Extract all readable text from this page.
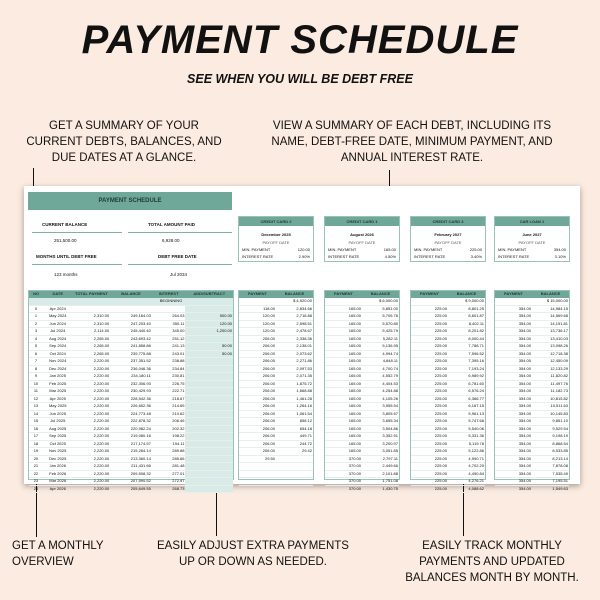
PAYMENT SCHEDULE
SEE WHEN YOU WILL BE DEBT FREE
GET A SUMMARY OF YOUR CURRENT DEBTS, BALANCES, AND DUE DATES AT A GLANCE.
VIEW A SUMMARY OF EACH DEBT, INCLUDING ITS NAME, DEBT-FREE DATE, MINIMUM PAYMENT, AND ANNUAL INTEREST RATE.
GET A MONTHLY OVERVIEW
EASILY ADJUST EXTRA PAYMENTS UP OR DOWN AS NEEDED.
EASILY TRACK MONTHLY PAYMENTS AND UPDATED BALANCES MONTH BY MONTH.
PAYMENT SCHEDULE
CURRENT BALANCE
251,500.00
TOTAL AMOUNT PAID
6,928.00
MONTHS UNTIL DEBT FREE
123 months
DEBT FREE DATE
Jul 2034
CREDIT CARD 2
December 2025
PAYOFF DATE
MIN. PAYMENT	120.00
INTEREST RATE	2.90%
CREDIT CARD 1
August 2026
PAYOFF DATE
MIN. PAYMENT	165.00
INTEREST RATE	4.50%
CREDIT CARD 3
February 2027
PAYOFF DATE
MIN. PAYMENT	225.00
INTEREST RATE	3.40%
CAR LOAN 1
June 2027
PAYOFF DATE
MIN. PAYMENT	354.00
INTEREST RATE	3.10%
NO	DATE	TOTAL PAYMENT	BALANCE	INTEREST	ADD/SUBTRACT
BEGINNING
0	Apr 2024
1	May 2024	2,310.00	249,164.03	264.03	500.00
2	Jun 2024	2,310.00	247,203.40	350.11	120.00
3	Jul 2024	2,114.00	245,440.40	345.00	1,200.00
4	Aug 2024	2,265.00	243,693.42	251.12
5	Sep 2024	2,265.00	241,858.86	241.13	50.00
6	Oct 2024	2,265.00	239,775.88	243.01	50.00
7	Nov 2024	2,220.00	237,351.52	238.88
8	Dec 2024	2,220.00	236,046.36	234.84
9	Jan 2025	2,220.00	234,180.11	230.81
10	Feb 2025	2,220.00	232,306.93	226.75
11	Mar 2025	2,220.00	230,429.93	222.71
12	Apr 2025	2,220.00	228,542.36	218.67
13	May 2025	2,220.00	226,652.36	214.65
14	Jun 2025	2,220.00	224,773.48	210.62
15	Jul 2025	2,220.00	222,878.32	206.46
16	Aug 2025	2,220.00	220,982.24	202.32
17	Sep 2025	2,220.00	219,080.16	198.22
18	Oct 2025	2,220.00	217,174.57	194.11
19	Nov 2025	2,220.00	215,264.14	289.88
20	Dec 2025	2,220.00	213,360.14	285.66
21	Jan 2026	2,220.00	211,431.66	281.48
22	Feb 2026	2,220.00	209,508.32	277.01
23	Mar 2026	2,220.00	207,590.52	272.97
24	Apr 2026	2,220.00	205,649.55	268.73
PAYMENT	BALANCE
$ 4,920.00
118.00	2,834.66
120.00	2,716.88
120.00	2,598.51
120.00	2,478.67
206.00	2,338.36
206.00	2,138.01
206.00	2,073.62
206.00	2,271.86
206.00	2,097.53
206.00	2,071.35
206.00	1,875.72
206.00	1,668.88
206.00	1,461.28
206.00	1,264.16
206.00	1,061.54
206.00	858.12
206.00	654.18
206.00	449.71
206.00	244.72
206.00	29.42
29.50
PAYMENT	BALANCE
$ 6,000.00
165.00	5,851.00
165.00	5,705.78
165.00	5,570.80
165.00	5,425.79
165.00	5,282.11
165.00	5,136.95
165.00	4,994.74
165.00	4,848.11
165.00	4,700.74
165.00	4,552.79
165.00	4,404.53
165.00	4,254.88
165.00	4,105.26
165.00	3,955.54
165.00	3,805.57
165.00	3,655.34
165.00	3,504.86
165.00	3,352.91
165.00	3,200.97
165.00	3,051.85
370.00	2,797.11
370.00	2,449.66
370.00	2,101.88
370.00	1,751.08
370.00	1,430.75
PAYMENT	BALANCE
$ 9,000.00
225.00	8,801.25
225.00	8,601.87
225.00	8,402.11
225.00	8,201.82
225.00	8,000.44
225.00	7,788.71
225.00	7,596.52
225.00	7,395.16
225.00	7,193.24
225.00	6,989.92
225.00	6,781.60
225.00	6,576.24
225.00	6,366.77
225.00	6,167.15
225.00	5,961.13
225.00	5,747.68
225.00	5,540.06
225.00	5,331.36
225.00	5,119.78
225.00	5,122.86
225.00	4,990.71
225.00	4,702.20
225.00	4,490.84
225.00	4,276.21
225.00	4,088.62
PAYMENT	BALANCE
$ 15,000.00
354.00	14,984.15
354.00	14,569.68
354.00	14,151.81
354.00	13,736.17
354.00	13,410.03
354.00	13,098.26
354.00	12,718.38
354.00	12,450.09
354.00	12,133.29
354.00	11,820.82
354.00	11,497.76
354.00	11,182.73
354.00	10,815.82
354.00	10,511.63
354.00	10,145.83
354.00	9,851.10
354.00	9,529.54
354.00	9,198.19
354.00	8,868.54
354.00	8,533.85
354.00	8,213.14
354.00	7,878.08
354.00	7,535.49
354.00	7,195.51
354.00	1,549.63
